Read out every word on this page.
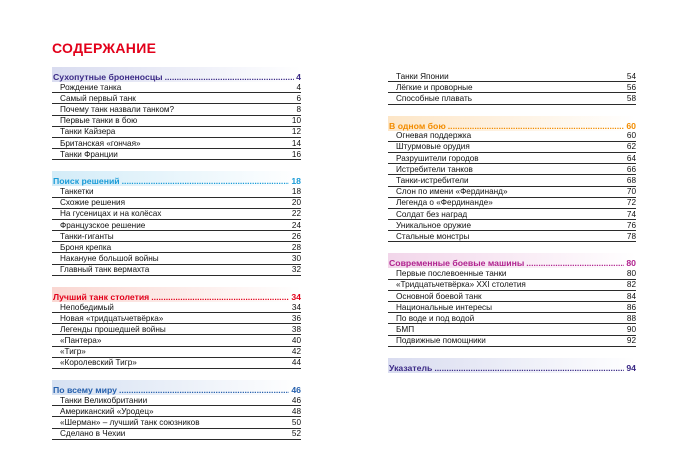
СОДЕРЖАНИЕ
Сухопутные броненосцы .....	4
Рождение танка	4
Самый первый танк	6
Почему танк назвали танком?	8
Первые танки в бою	10
Танки Кайзера	12
Британская «гончая»	14
Танки Франции	16
Поиск решений .....	18
Танкетки	18
Схожие решения	20
На гусеницах и на колёсах	22
Французское решение	24
Танки-гиганты	26
Броня крепка	28
Накануне большой войны	30
Главный танк вермахта	32
Лучший танк столетия .....	34
Непобедимый	34
Новая «тридцатьчетвёрка»	36
Легенды прошедшей войны	38
«Пантера»	40
«Тигр»	42
«Королевский Тигр»	44
По всему миру .....	46
Танки Великобритании	46
Американский «Уродец»	48
«Шерман» – лучший танк союзников	50
Сделано в Чехии	52
Танки Японии	54
Лёгкие и проворные	56
Способные плавать	58
В одном бою .....	60
Огневая поддержка	60
Штурмовые орудия	62
Разрушители городов	64
Истребители танков	66
Танки-истребители	68
Слон по имени «Фердинанд»	70
Легенда о «Фердинанде»	72
Солдат без наград	74
Уникальное оружие	76
Стальные монстры	78
Современные боевые машины .....	80
Первые послевоенные танки	80
«Тридцатьчетвёрка» XXI столетия	82
Основной боевой танк	84
Национальные интересы	86
По воде и под водой	88
БМП	90
Подвижные помощники	92
Указатель .....	94
